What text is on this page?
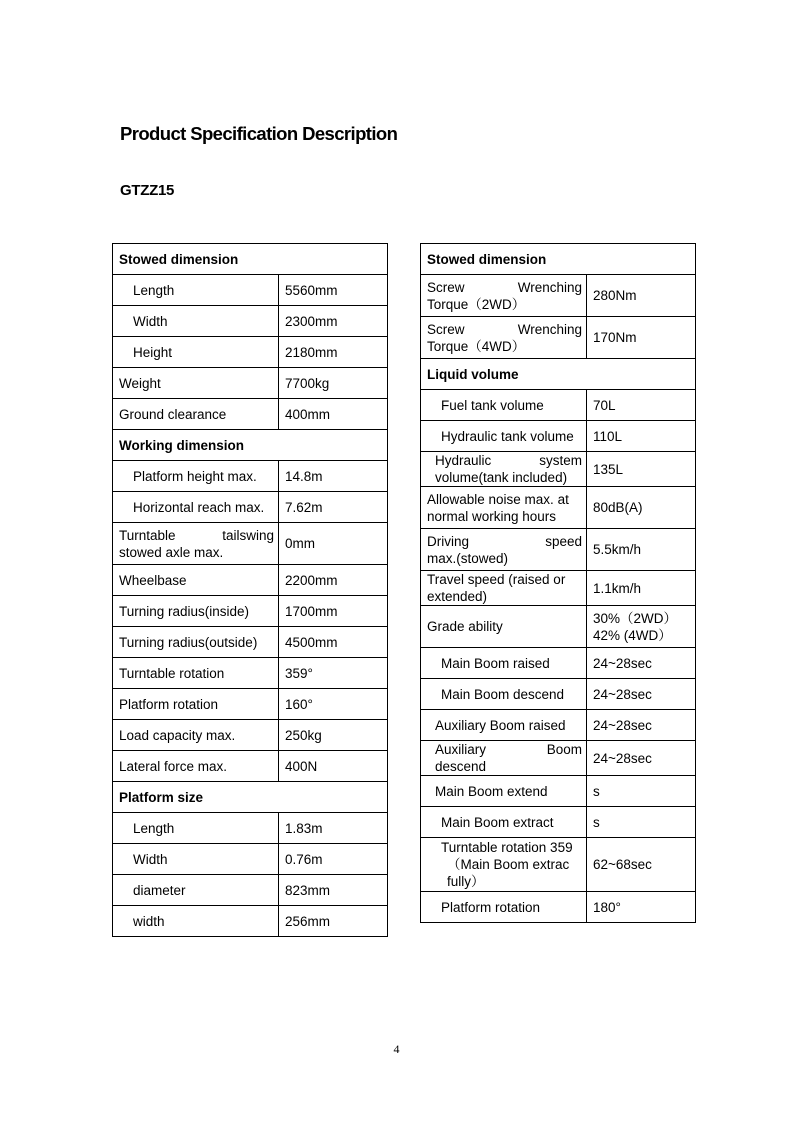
Product Specification Description
GTZZ15
Stowed dimension	
Length	5560mm
Width	2300mm
Height	2180mm
Weight	7700kg
Ground clearance	400mm
Working dimension	
Platform height max.	14.8m
Horizontal reach max.	7.62m

Turntable tailswing
stowed axle max.	0mm
Wheelbase	2200mm
Turning radius(inside)	1700mm
Turning radius(outside)	4500mm
Turntable rotation	359°
Platform rotation	160°
Load capacity max.	250kg
Lateral force max.	400N
Platform size	
Length	1.83m
Width	0.76m
diameter	823mm
width	256mm
Stowed dimension	

Screw Wrenching
Torque（2WD）	280Nm

Screw Wrenching
Torque（4WD）	170Nm
Liquid volume	
Fuel tank volume	70L
Hydraulic tank volume	110L

Hydraulic system
volume(tank included)	135L

Allowable noise max. at
normal working hours	80dB(A)

Driving speed
max.(stowed)	5.5km/h

Travel speed (raised or
extended)	1.1km/h
Grade ability	30%（2WD）
42% (4WD）

Main Boom raised	24~28sec
Main Boom descend	24~28sec
Auxiliary Boom raised	24~28sec

Auxiliary Boom
descend	24~28sec
Main Boom extend	s
Main Boom extract	s

Turntable rotation 359
（Main Boom extrac
fully）	62~68sec
Platform rotation	180°
4
